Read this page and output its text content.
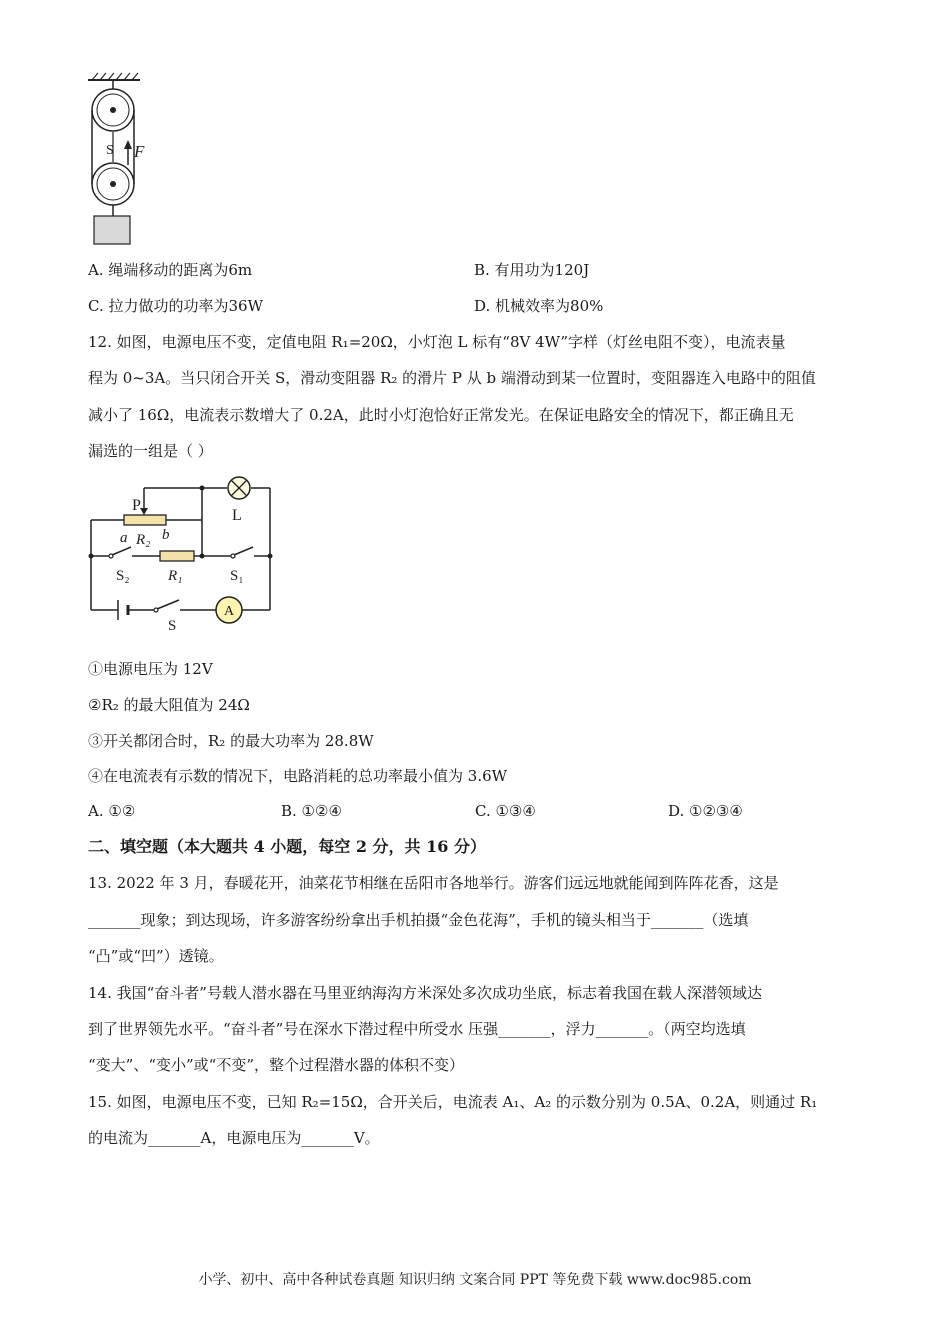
S F
A. 绳端移动的距离为6m	B. 有用功为120J
C. 拉力做功的功率为36W	D. 机械效率为80%
12. 如图，电源电压不变，定值电阻 R₁=20Ω，小灯泡 L 标有“8V 4W”字样（灯丝电阻不变），电流表量
程为 0~3A。当只闭合开关 S，滑动变阻器 R₂ 的滑片 P 从 b 端滑动到某一位置时，变阻器连入电路中的阻值
减小了 16Ω，电流表示数增大了 0.2A，此时小灯泡恰好正常发光。在保证电路安全的情况下，都正确且无
漏选的一组是（ ）
L
P
a R₂ b
S₂	R₁	S₁
S
A
①电源电压为 12V
②R₂ 的最大阻值为 24Ω
③开关都闭合时，R₂ 的最大功率为 28.8W
④在电流表有示数的情况下，电路消耗的总功率最小值为 3.6W
A. ①②	B. ①②④	C. ①③④	D. ①②③④
二、填空题（本大题共 4 小题，每空 2 分，共 16 分）
13. 2022 年 3 月，春暖花开，油菜花节相继在岳阳市各地举行。游客们远远地就能闻到阵阵花香，这是
_______现象；到达现场，许多游客纷纷拿出手机拍摄“金色花海”，手机的镜头相当于_______（选填
“凸”或“凹”）透镜。
14. 我国“奋斗者”号载人潜水器在马里亚纳海沟方米深处多次成功坐底，标志着我国在载人深潜领域达
到了世界领先水平。“奋斗者”号在深水下潜过程中所受水 压强_______，浮力_______。（两空均选填
“变大”、“变小”或“不变”，整个过程潜水器的体积不变）
15. 如图，电源电压不变，已知 R₂=15Ω，合开关后，电流表 A₁、A₂ 的示数分别为 0.5A、0.2A，则通过 R₁
的电流为_______A，电源电压为_______V。
小学、初中、高中各种试卷真题 知识归纳 文案合同 PPT 等免费下载 www.doc985.com
